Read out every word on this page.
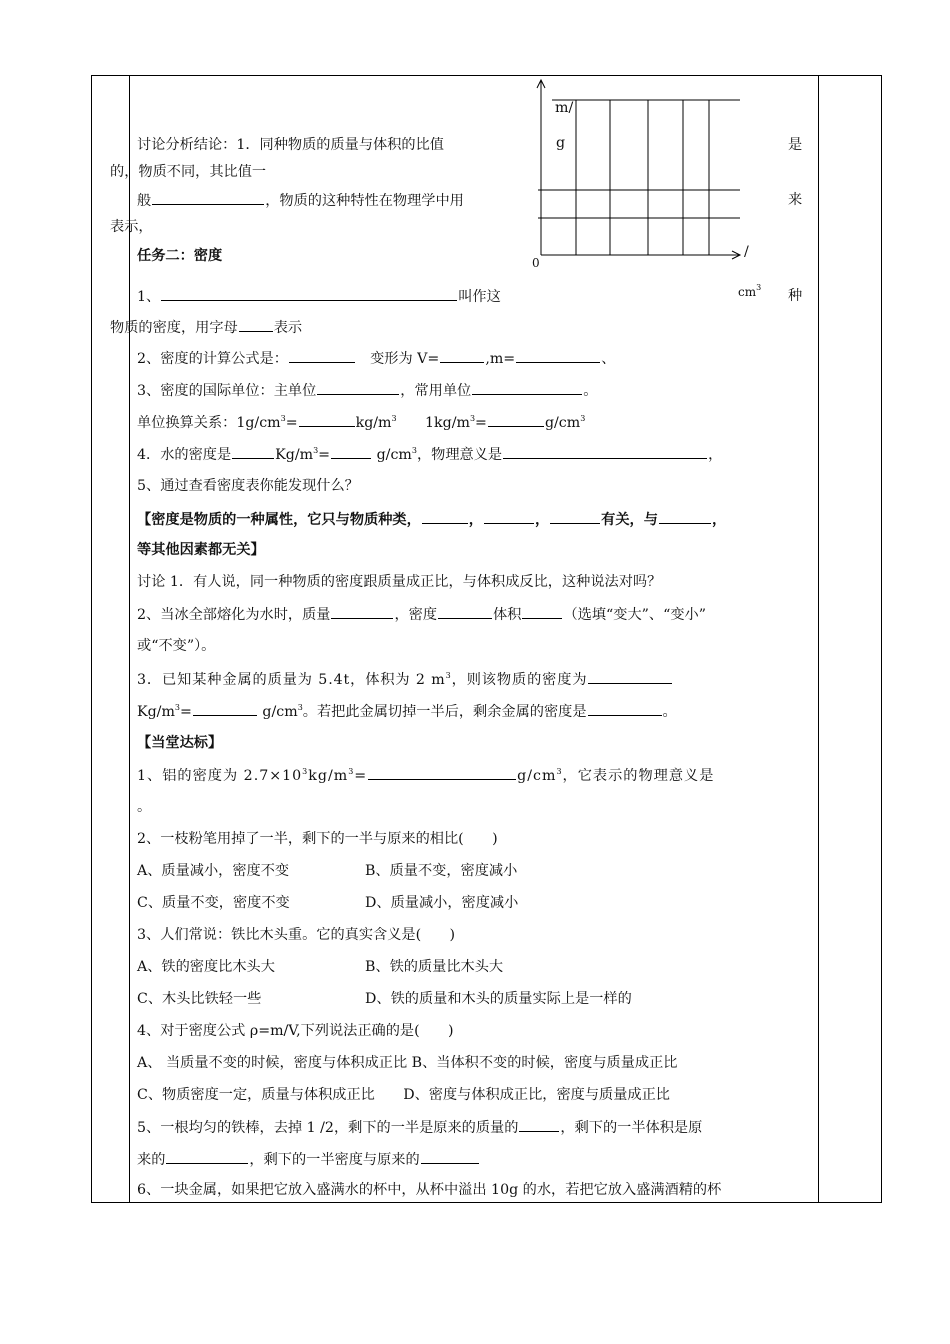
m/
g
0
/
$cm^3$
是
来
种
讨论分析结论：1．同种物质的质量与体积的比值
的，物质不同，其比值一
般	，物质的这种特性在物理学中用
表示，
任务二：密度
1、	叫作这
物质的密度，用字母	表示
2、密度的计算公式是：　	变形为 V=	,m=	、
3、密度的国际单位：主单位	，常用单位	。
单位换算关系：$1g/cm^3=$	$kg/m^3$　　 $1kg/m^3=$	$g/cm^3$
4．水的密度是	$Kg/m^3=$	$g/cm^3$，物理意义是	，
5、通过查看密度表你能发现什么？
【密度是物质的一种属性，它只与物质种类，	，	，	有关，与	，
等其他因素都无关】
讨论 1．有人说，同一种物质的密度跟质量成正比，与体积成反比，这种说法对吗？
2、当冰全部熔化为水时，质量	，密度	体积	（选填“变大”、“变小”
或“不变”）。
3．已知某种金属的质量为 5.4t，体积为 2 $m^3$，则该物质的密度为
$Kg/m^3=$	$g/cm^3$。若把此金属切掉一半后，剩余金属的密度是	。
【当堂达标】
1、铝的密度为 $2.7\times 10^3kg/m^3=$	$g/cm^3$，它表示的物理意义是
。
2、一枝粉笔用掉了一半，剩下的一半与原来的相比(　　)
A、质量减小，密度不变	B、质量不变，密度减小
C、质量不变，密度不变	D、质量减小，密度减小
3、人们常说：铁比木头重。它的真实含义是(　　)
A、铁的密度比木头大	B、铁的质量比木头大
C、木头比铁轻一些	D、铁的质量和木头的质量实际上是一样的
4、对于密度公式 ρ=m/V,下列说法正确的是(　　)
A、 当质量不变的时候，密度与体积成正比 B、当体积不变的时候，密度与质量成正比
C、物质密度一定，质量与体积成正比　　D、密度与体积成正比，密度与质量成正比
5、一根均匀的铁棒，去掉 1 /2，剩下的一半是原来的质量的	，剩下的一半体积是原
来的	，剩下的一半密度与原来的
6、一块金属，如果把它放入盛满水的杯中，从杯中溢出 10g 的水，若把它放入盛满酒精的杯
